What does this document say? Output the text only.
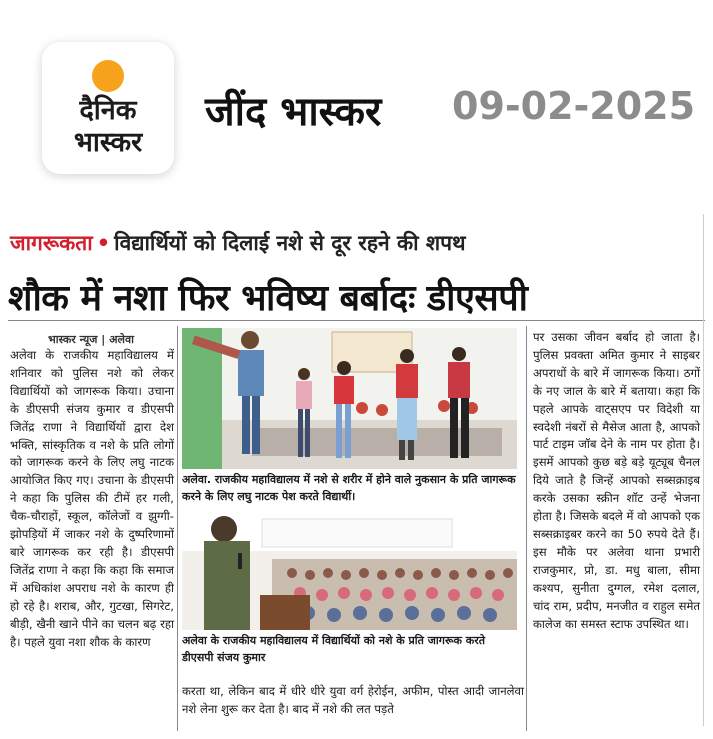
दैनिक
भास्कर
जींद भास्कर 09-02-2025
जागरूकता • विद्यार्थियों को दिलाई नशे से दूर रहने की शपथ
शौक में नशा फिर भविष्य बर्बादः डीएसपी
भास्कर न्यूज | अलेवा
अलेवा के राजकीय महाविद्यालय में शनिवार को पुलिस नशे को लेकर विद्यार्थियों को जागरूक किया। उचाना के डीएसपी संजय कुमार व डीएसपी जितेंद्र राणा ने विद्यार्थियों द्वारा देश भक्ति, सांस्कृतिक व नशे के प्रति लोगों को जागरूक करने के लिए लघु नाटक आयोजित किए गए। उचाना के डीएसपी ने कहा कि पुलिस की टीमें हर गली, चैक-चौराहों, स्कूल, कॉलेजों व झुग्गी-झोपड़ियों में जाकर नशे के दुष्परिणामों बारे जागरूक कर रही है। डीएसपी जितेंद्र राणा ने कहा कि कहा कि समाज में अधिकांश अपराध नशे के कारण ही हो रहे है। शराब, और, गुटखा, सिगरेट, बीड़ी, खैनी खाने पीने का चलन बढ़ रहा है। पहले युवा नशा शौक के कारण
अलेवा. राजकीय महाविद्यालय में नशे से शरीर में होने वाले नुकसान के प्रति जागरूक करने के लिए लघु नाटक पेश करते विद्यार्थी।
अलेवा के राजकीय महाविद्यालय में विद्यार्थियों को नशे के प्रति जागरूक करते डीएसपी संजय कुमार
करता था, लेकिन बाद में धीरे धीरे युवा वर्ग हेरोईन, अफीम, पोस्त आदी जानलेवा नशे लेना शुरू कर देता है। बाद में नशे की लत पड़ते
पर उसका जीवन बर्बाद हो जाता है। पुलिस प्रवक्ता अमित कुमार ने साइबर अपराधों के बारे में जागरूक किया। ठगों के नए जाल के बारे में बताया। कहा कि पहले आपके वाट्सएप पर विदेशी या स्वदेशी नंबरों से मैसेज आता है, आपको पार्ट टाइम जॉब देने के नाम पर होता है। इसमें आपको कुछ बड़े बड़े यूट्यूब चैनल दिये जाते है जिन्हें आपको सब्सक्राइब करके उसका स्क्रीन शॉट उन्हें भेजना होता है। जिसके बदले में वो आपको एक सब्सक्राइबर करने का 50 रुपये देते हैं। इस मौके पर अलेवा थाना प्रभारी राजकुमार, प्रो, डा. मधु बाला, सीमा कश्यप, सुनीता दुग्गल, रमेश दलाल, चांद राम, प्रदीप, मनजीत व राहुल समेत कालेज का समस्त स्टाफ उपस्थित था।
